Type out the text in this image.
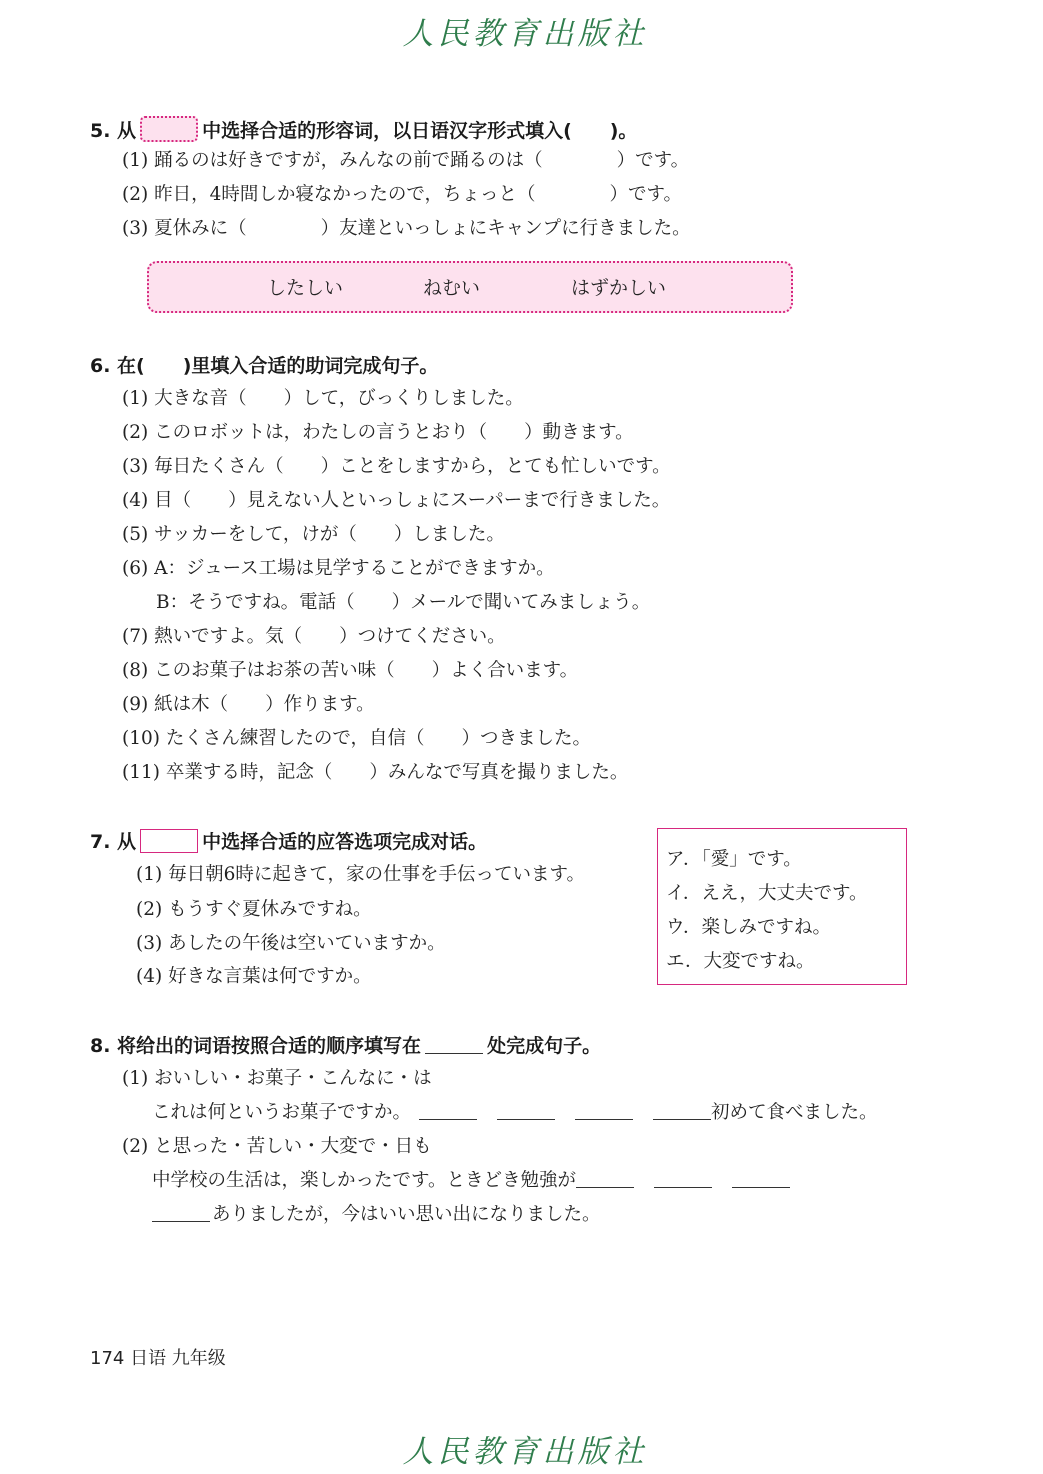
人民教育出版社
5. 从	中选择合适的形容词，以日语汉字形式填入(　　)。
(1) 踊るのは好きですが，みんなの前で踊るのは（　　　　）です。
(2) 昨日，4時間しか寝なかったので，ちょっと（　　　　）です。
(3) 夏休みに（　　　　）友達といっしょにキャンプに行きました。
したしい	ねむい	はずかしい
6. 在(　　)里填入合适的助词完成句子。
(1) 大きな音（　　）して，びっくりしました。
(2) このロボットは，わたしの言うとおり（　　）動きます。
(3) 毎日たくさん（　　）ことをしますから，とても忙しいです。
(4) 目（　　）見えない人といっしょにスーパーまで行きました。
(5) サッカーをして，けが（　　）しました。
(6) A：ジュース工場は見学することができますか。
B：そうですね。電話（　　）メールで聞いてみましょう。
(7) 熱いですよ。気（　　）つけてください。
(8) このお菓子はお茶の苦い味（　　）よく合います。
(9) 紙は木（　　）作ります。
(10) たくさん練習したので，自信（　　）つきました。
(11) 卒業する時，記念（　　）みんなで写真を撮りました。
7. 从	中选择合适的应答选项完成对话。
(1) 毎日朝6時に起きて，家の仕事を手伝っています。
(2) もうすぐ夏休みですね。
(3) あしたの午後は空いていますか。
(4) 好きな言葉は何ですか。
ア．「愛」です。
イ．ええ，大丈夫です。
ウ．楽しみですね。
エ．大変ですね。
8. 将给出的词语按照合适的顺序填写在	处完成句子。
(1) おいしい・お菓子・こんなに・は
これは何というお菓子ですか。	初めて食べました。
(2) と思った・苦しい・大変で・日も
中学校の生活は，楽しかったです。ときどき勉強が
ありましたが，今はいい思い出になりました。
174 日语 九年级
人民教育出版社
